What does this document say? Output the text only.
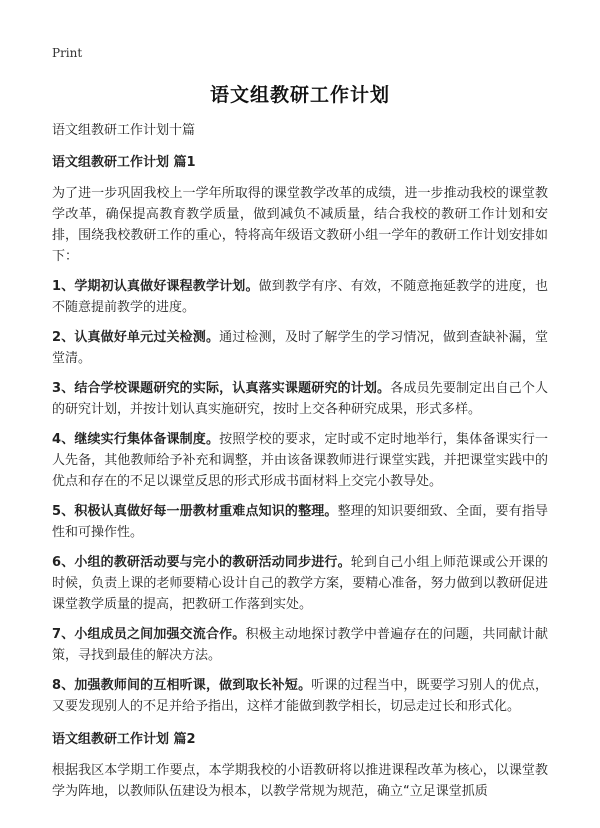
Print
语文组教研工作计划
语文组教研工作计划十篇
语文组教研工作计划 篇1

为了进一步巩固我校上一学年所取得的课堂教学改革的成绩，进一步推动我校的课堂教学改革，确保提高教育教学质量，做到减负不减质量，结合我校的教研工作计划和安排，围绕我校教研工作的重心，特将高年级语文教研小组一学年的教研工作计划安排如下：

1、学期初认真做好课程教学计划。做到教学有序、有效，不随意拖延教学的进度，也不随意提前教学的进度。

2、认真做好单元过关检测。通过检测，及时了解学生的学习情况，做到查缺补漏，堂堂清。

3、结合学校课题研究的实际，认真落实课题研究的计划。各成员先要制定出自己个人的研究计划，并按计划认真实施研究，按时上交各种研究成果，形式多样。

4、继续实行集体备课制度。按照学校的要求，定时或不定时地举行，集体备课实行一人先备，其他教师给予补充和调整，并由该备课教师进行课堂实践，并把课堂实践中的优点和存在的不足以课堂反思的形式形成书面材料上交完小教导处。

5、积极认真做好每一册教材重难点知识的整理。整理的知识要细致、全面，要有指导性和可操作性。

6、小组的教研活动要与完小的教研活动同步进行。轮到自己小组上师范课或公开课的时候，负责上课的老师要精心设计自己的教学方案，要精心准备，努力做到以教研促进课堂教学质量的提高，把教研工作落到实处。

7、小组成员之间加强交流合作。积极主动地探讨教学中普遍存在的问题，共同献计献策，寻找到最佳的解决方法。

8、加强教师间的互相听课，做到取长补短。听课的过程当中，既要学习别人的优点，又要发现别人的不足并给予指出，这样才能做到教学相长，切忌走过长和形式化。

语文组教研工作计划 篇2

根据我区本学期工作要点，本学期我校的小语教研将以推进课程改革为核心，以课堂教学为阵地，以教师队伍建设为根本，以教学常规为规范，确立“立足课堂抓质
